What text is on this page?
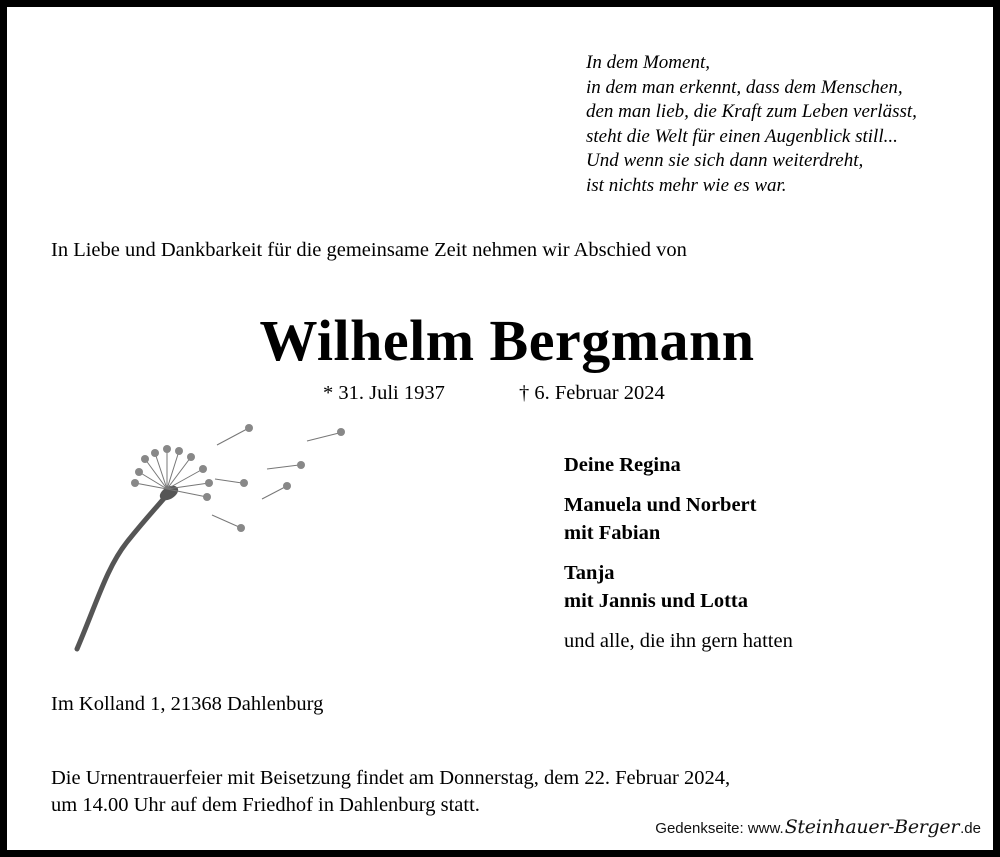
In dem Moment,
in dem man erkennt, dass dem Menschen,
den man lieb, die Kraft zum Leben verlässt,
steht die Welt für einen Augenblick still...
Und wenn sie sich dann weiterdreht,
ist nichts mehr wie es war.
In Liebe und Dankbarkeit für die gemeinsame Zeit nehmen wir Abschied von
Wilhelm Bergmann
* 31. Juli 1937	† 6. Februar 2024
Deine Regina
Manuela und Norbert
mit Fabian
Tanja
mit Jannis und Lotta
und alle, die ihn gern hatten
Im Kolland 1, 21368 Dahlenburg
Die Urnentrauerfeier mit Beisetzung findet am Donnerstag, dem 22. Februar 2024,
um 14.00 Uhr auf dem Friedhof in Dahlenburg statt.
Gedenkseite: www. Steinhauer-Berger .de
